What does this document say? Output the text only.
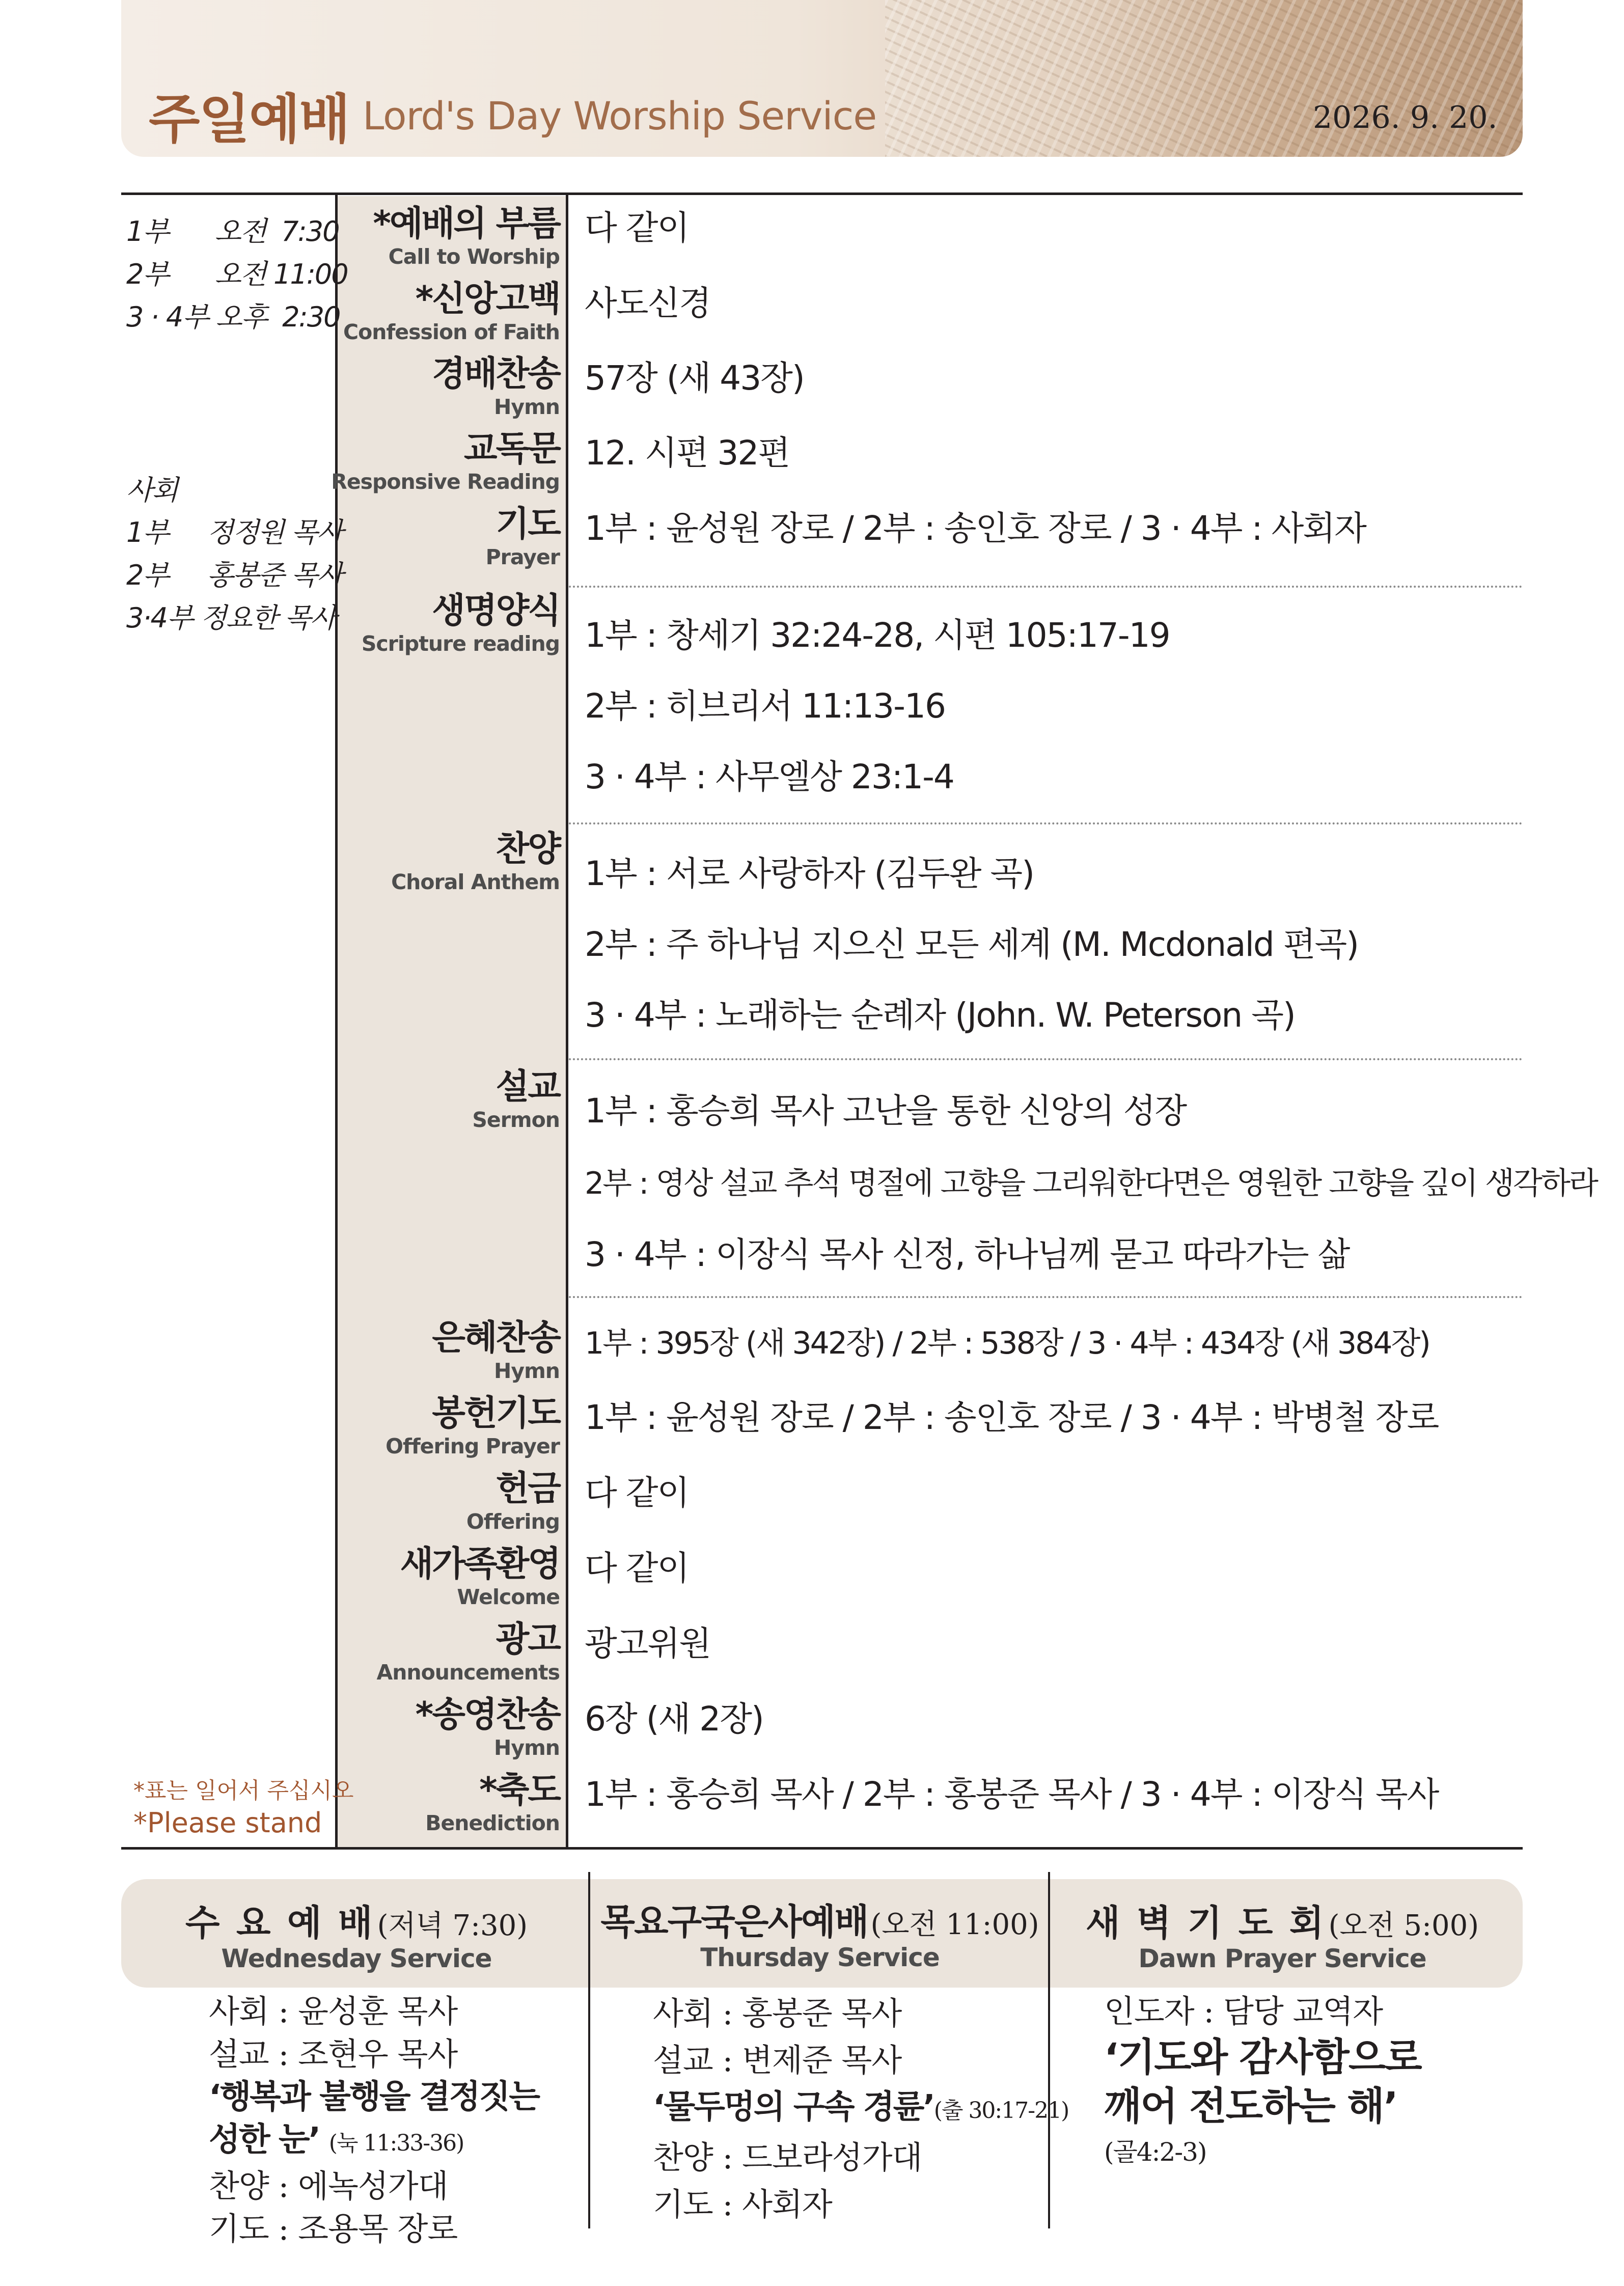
주일예배 Lord's Day Worship Service	2026. 9. 20.
1부      오전  7:30
2부      오전 11:00
3 · 4부 오후  2:30
사회
1부     정정원 목사
2부     홍봉준 목사
3·4부 정요한 목사
*표는 일어서 주십시오
*Please stand
*예배의 부름
Call to Worship
*신앙고백
Confession of Faith
경배찬송
Hymn
교독문
Responsive Reading
기도
Prayer
생명양식
Scripture reading
찬양
Choral Anthem
설교
Sermon
은혜찬송
Hymn
봉헌기도
Offering Prayer
헌금
Offering
새가족환영
Welcome
광고
Announcements
*송영찬송
Hymn
*축도
Benediction
다 같이
사도신경
57장 (새 43장)
12. 시편 32편
1부 : 윤성원 장로 / 2부 : 송인호 장로 / 3 · 4부 : 사회자
1부 : 창세기 32:24-28, 시편 105:17-19
2부 : 히브리서 11:13-16
3 · 4부 : 사무엘상 23:1-4
1부 : 서로 사랑하자 (김두완 곡)
2부 : 주 하나님 지으신 모든 세계 (M. Mcdonald 편곡)
3 · 4부 : 노래하는 순례자 (John. W. Peterson 곡)
1부 : 홍승희 목사 고난을 통한 신앙의 성장
2부 : 영상 설교 추석 명절에 고향을 그리워한다면은 영원한 고향을 깊이 생각하라
3 · 4부 : 이장식 목사 신정, 하나님께 묻고 따라가는 삶
1부 : 395장 (새 342장) / 2부 : 538장 / 3 · 4부 : 434장 (새 384장)
1부 : 윤성원 장로 / 2부 : 송인호 장로 / 3 · 4부 : 박병철 장로
다 같이
다 같이
광고위원
6장 (새 2장)
1부 : 홍승희 목사 / 2부 : 홍봉준 목사 / 3 · 4부 : 이장식 목사
수 요 예 배 (저녁 7:30)
Wednesday Service
목요구국은사예배 (오전 11:00)
Thursday Service
새 벽 기 도 회 (오전 5:00)
Dawn Prayer Service
사회 : 윤성훈 목사
설교 : 조현우 목사
‘행복과 불행을 결정짓는
성한 눈’ (눅 11:33-36)
찬양 : 에녹성가대
기도 : 조용목 장로
사회 : 홍봉준 목사
설교 : 변제준 목사
‘물두멍의 구속 경륜’(출 30:17-21)
찬양 : 드보라성가대
기도 : 사회자
인도자 : 담당 교역자
‘기도와 감사함으로
깨어 전도하는 해’
(골4:2-3)
